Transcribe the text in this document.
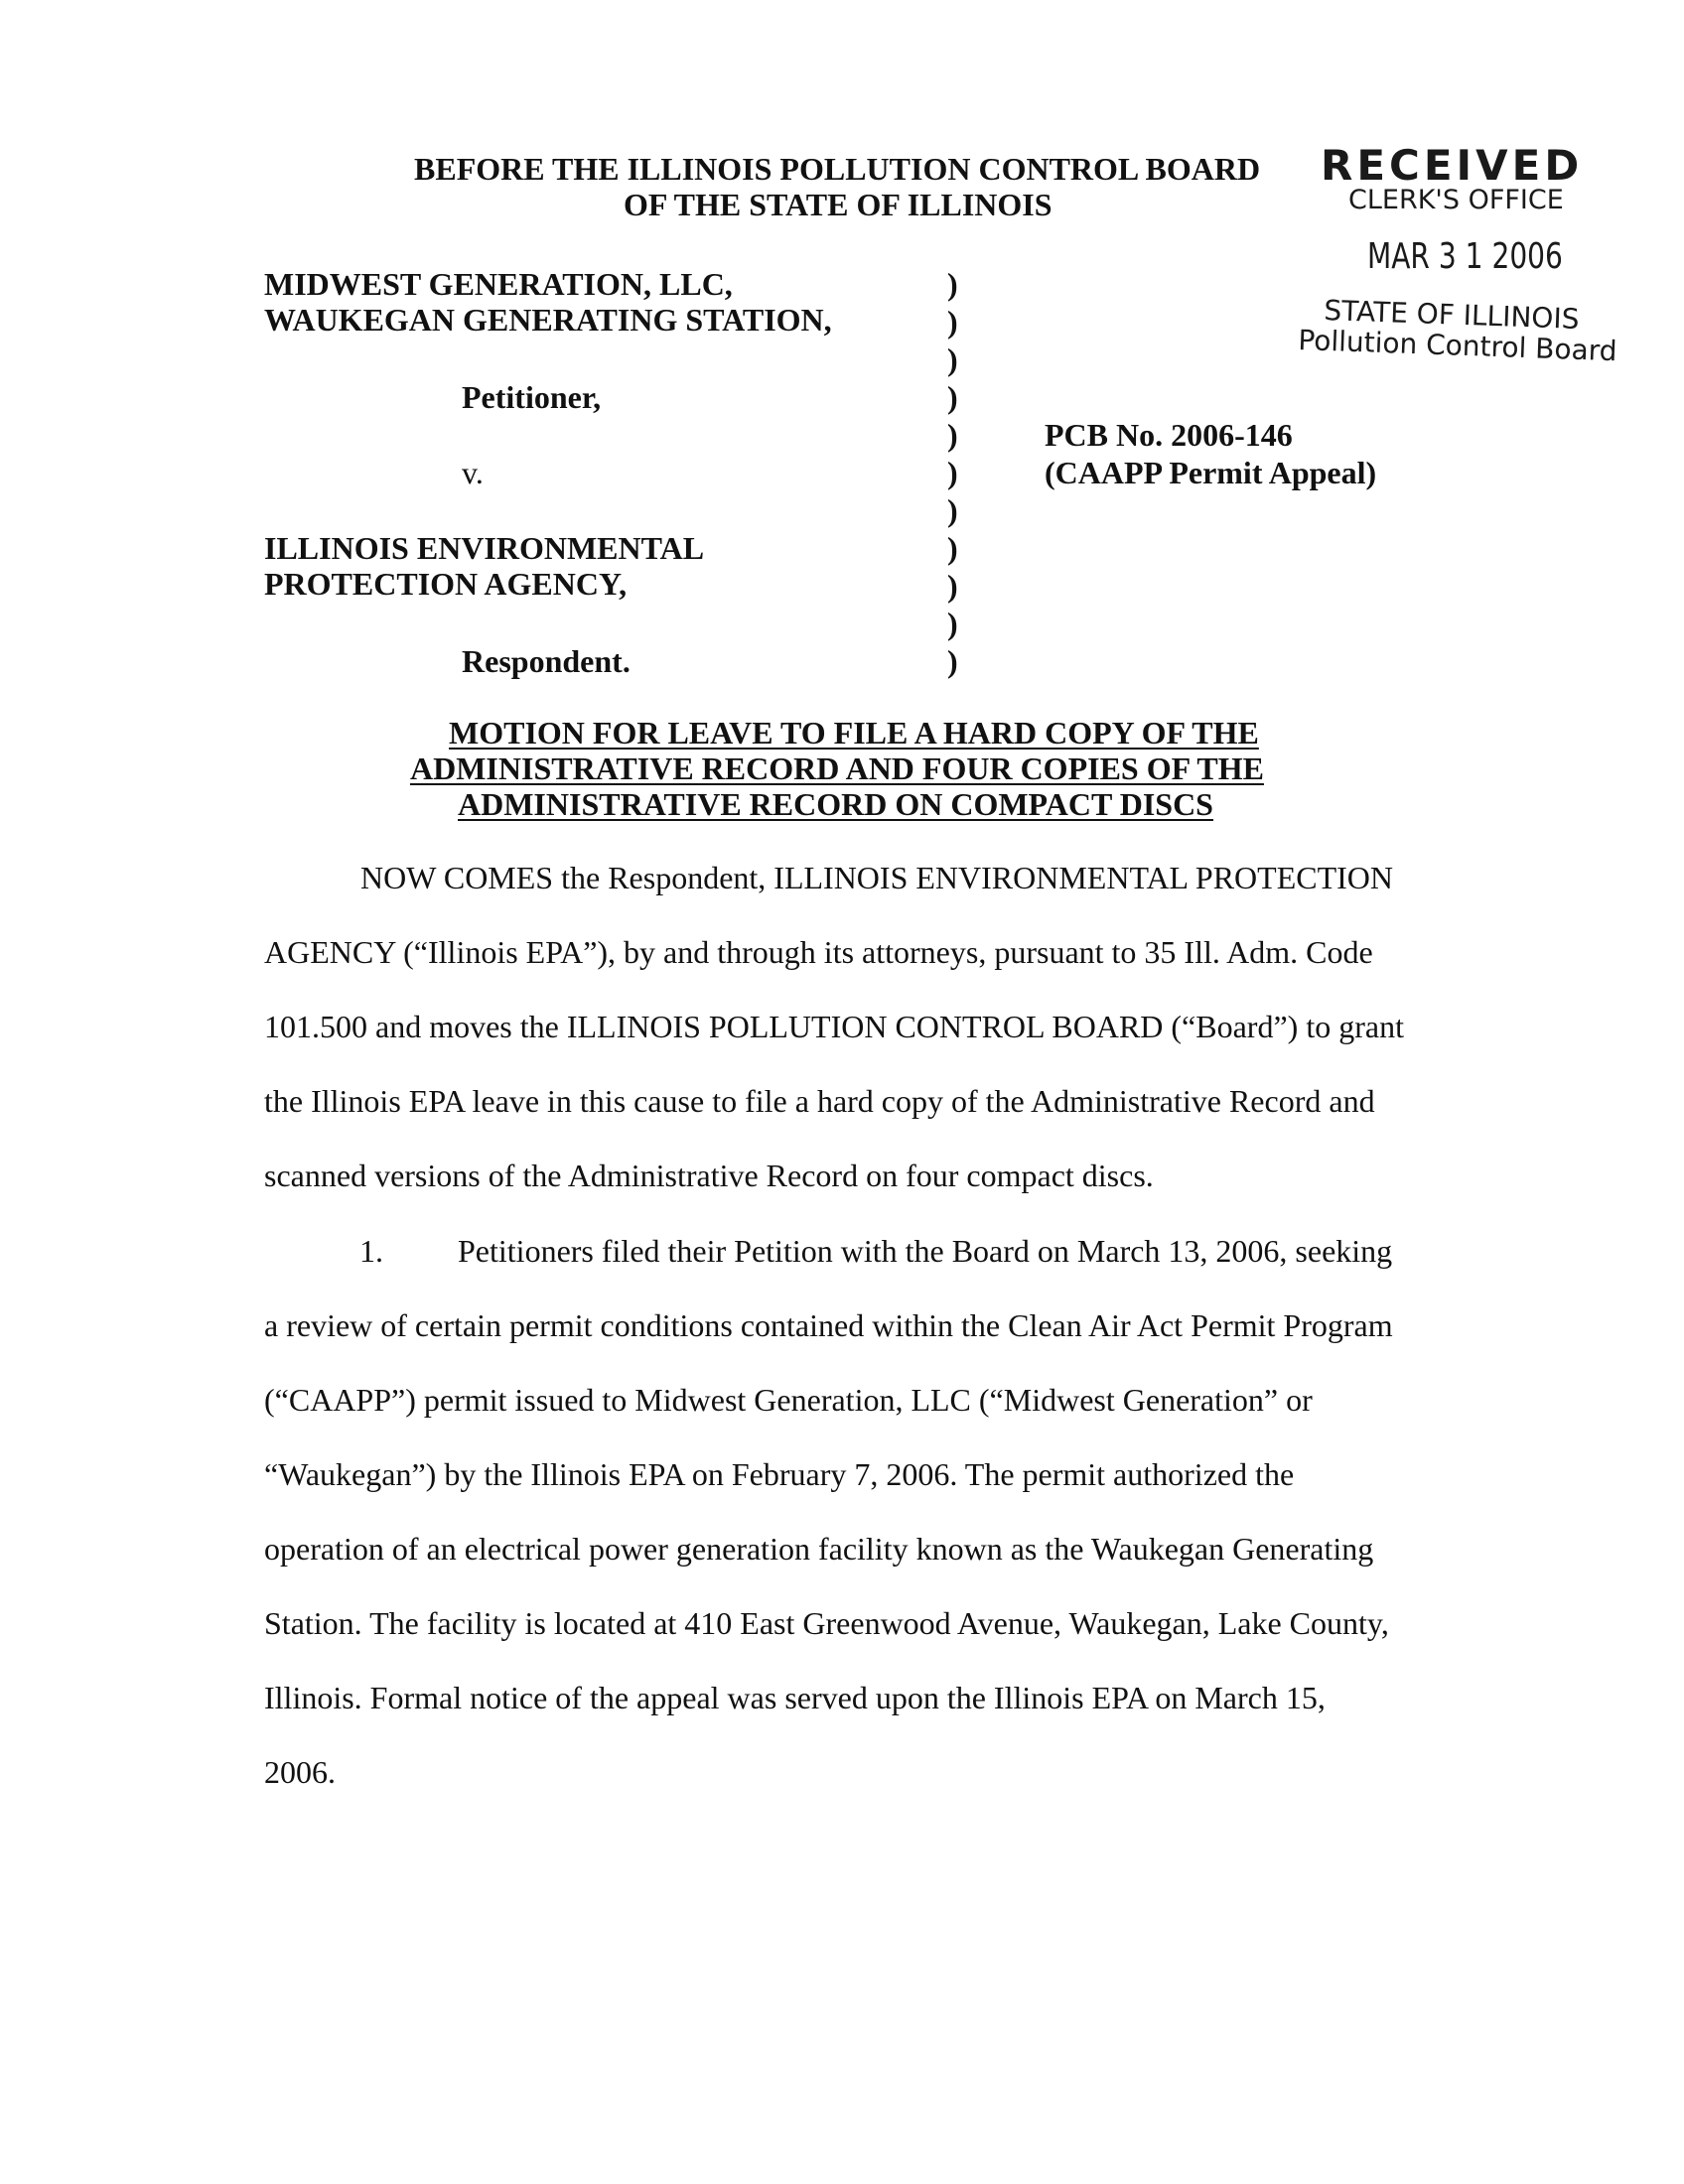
BEFORE THE ILLINOIS POLLUTION CONTROL BOARD
OF THE STATE OF ILLINOIS
RECEIVED
CLERK'S OFFICE
MAR 3 1 2006
STATE OF ILLINOIS
Pollution Control Board
MIDWEST GENERATION, LLC,
WAUKEGAN GENERATING STATION,
Petitioner,
v.
ILLINOIS ENVIRONMENTAL
PROTECTION AGENCY,
Respondent.
)
)
)
)
)
)
)
)
)
)
)
PCB No. 2006-146
(CAAPP Permit Appeal)
MOTION FOR LEAVE TO FILE A HARD COPY OF THE
ADMINISTRATIVE RECORD AND FOUR COPIES OF THE
ADMINISTRATIVE RECORD ON COMPACT DISCS
NOW COMES the Respondent, ILLINOIS ENVIRONMENTAL PROTECTION
AGENCY (“Illinois EPA”), by and through its attorneys, pursuant to 35 Ill. Adm. Code
101.500 and moves the ILLINOIS POLLUTION CONTROL BOARD (“Board”) to grant
the Illinois EPA leave in this cause to file a hard copy of the Administrative Record and
scanned versions of the Administrative Record on four compact discs.
1. Petitioners filed their Petition with the Board on March 13, 2006, seeking
a review of certain permit conditions contained within the Clean Air Act Permit Program
(“CAAPP”) permit issued to Midwest Generation, LLC (“Midwest Generation” or
“Waukegan”) by the Illinois EPA on February 7, 2006. The permit authorized the
operation of an electrical power generation facility known as the Waukegan Generating
Station. The facility is located at 410 East Greenwood Avenue, Waukegan, Lake County,
Illinois. Formal notice of the appeal was served upon the Illinois EPA on March 15,
2006.
